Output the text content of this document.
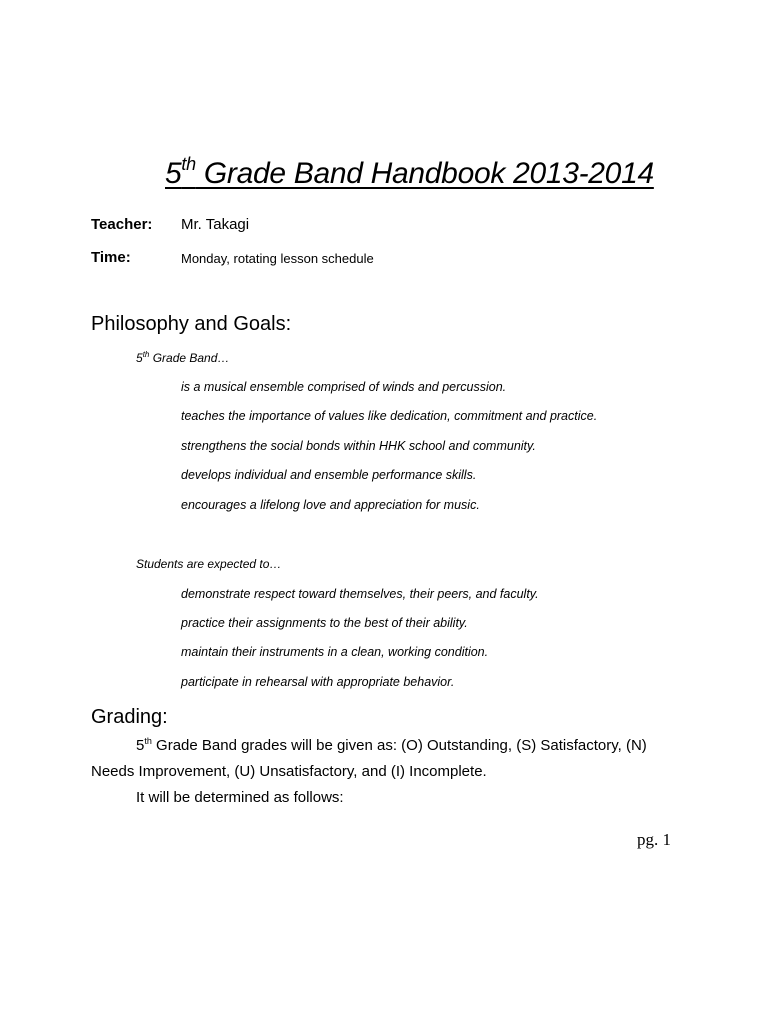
5th Grade Band Handbook 2013-2014
Teacher: Mr. Takagi
Time:	Monday, rotating lesson schedule
Philosophy and Goals:
5th Grade Band…
is a musical ensemble comprised of winds and percussion.
teaches the importance of values like dedication, commitment and practice.
strengthens the social bonds within HHK school and community.
develops individual and ensemble performance skills.
encourages a lifelong love and appreciation for music.
Students are expected to…
demonstrate respect toward themselves, their peers, and faculty.
practice their assignments to the best of their ability.
maintain their instruments in a clean, working condition.
participate in rehearsal with appropriate behavior.
Grading:
5th Grade Band grades will be given as: (O) Outstanding, (S) Satisfactory, (N)
Needs Improvement, (U) Unsatisfactory, and (I) Incomplete.
It will be determined as follows:
pg. 1
